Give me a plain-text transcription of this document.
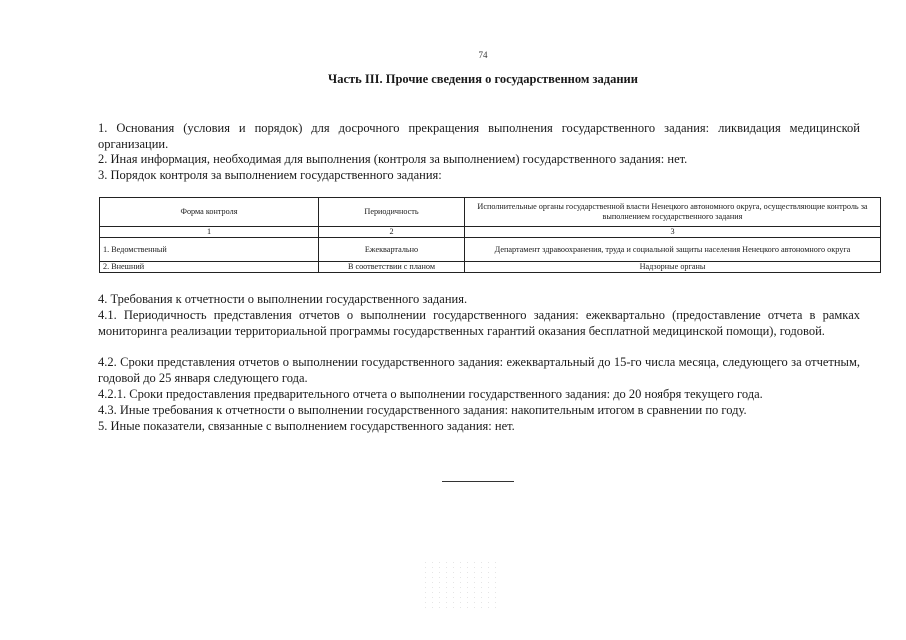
74
Часть III. Прочие сведения о государственном задании
1. Основания (условия и порядок) для досрочного прекращения выполнения государственного задания: ликвидация медицинской организации.
2. Иная информация, необходимая для выполнения (контроля за выполнением) государственного задания: нет.
3. Порядок контроля за выполнением государственного задания:
Форма контроля	Периодичность	Исполнительные органы государственной власти Ненецкого автономного округа, осуществляющие контроль за выполнением государственного задания
1	2	3
1. Ведомственный	Ежеквартально	Департамент здравоохранения, труда и социальной защиты населения Ненецкого автономного округа
2. Внешний	В соответствии с планом	Надзорные органы
4. Требования к отчетности о выполнении государственного задания.
4.1. Периодичность представления отчетов о выполнении государственного задания: ежеквартально (предоставление отчета в рамках мониторинга реализации территориальной программы государственных гарантий оказания бесплатной медицинской помощи), годовой.
4.2. Сроки представления отчетов о выполнении государственного задания: ежеквартальный до 15-го числа месяца, следующего за отчетным, годовой до 25 января следующего года.
4.2.1. Сроки предоставления предварительного отчета о выполнении государственного задания: до 20 ноября текущего года.
4.3. Иные требования к отчетности о выполнении государственного задания: накопительным итогом в сравнении по году.
5. Иные показатели, связанные с выполнением государственного задания: нет.
